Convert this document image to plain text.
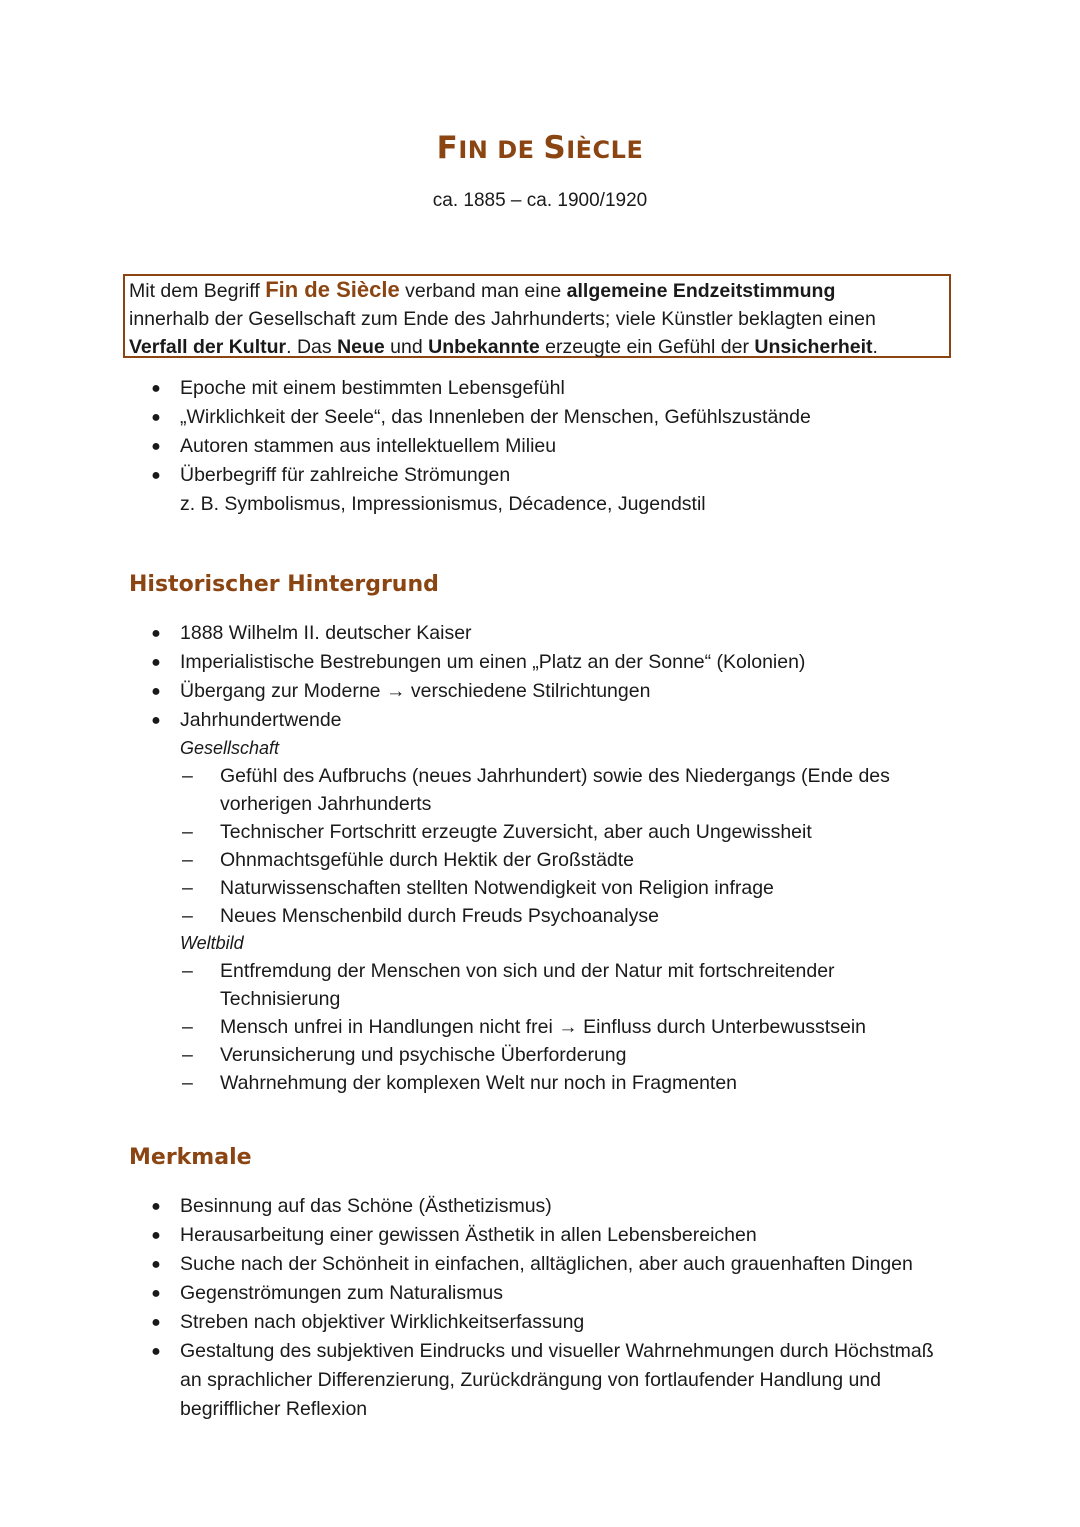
FIN DE SIÈCLE
ca. 1885 – ca. 1900/1920
Mit dem Begriff Fin de Siècle verband man eine allgemeine Endzeitstimmung
innerhalb der Gesellschaft zum Ende des Jahrhunderts; viele Künstler beklagten einen
Verfall der Kultur. Das Neue und Unbekannte erzeugte ein Gefühl der Unsicherheit.
● Epoche mit einem bestimmten Lebensgefühl
● „Wirklichkeit der Seele“, das Innenleben der Menschen, Gefühlszustände
● Autoren stammen aus intellektuellem Milieu
● Überbegriff für zahlreiche Strömungen
z. B. Symbolismus, Impressionismus, Décadence, Jugendstil
Historischer Hintergrund
● 1888 Wilhelm II. deutscher Kaiser
● Imperialistische Bestrebungen um einen „Platz an der Sonne“ (Kolonien)
● Übergang zur Moderne → verschiedene Stilrichtungen
● Jahrhundertwende
Gesellschaft
– Gefühl des Aufbruchs (neues Jahrhundert) sowie des Niedergangs (Ende des vorherigen Jahrhunderts
– Technischer Fortschritt erzeugte Zuversicht, aber auch Ungewissheit
– Ohnmachtsgefühle durch Hektik der Großstädte
– Naturwissenschaften stellten Notwendigkeit von Religion infrage
– Neues Menschenbild durch Freuds Psychoanalyse
Weltbild
– Entfremdung der Menschen von sich und der Natur mit fortschreitender Technisierung
– Mensch unfrei in Handlungen nicht frei → Einfluss durch Unterbewusstsein
– Verunsicherung und psychische Überforderung
– Wahrnehmung der komplexen Welt nur noch in Fragmenten
Merkmale
● Besinnung auf das Schöne (Ästhetizismus)
● Herausarbeitung einer gewissen Ästhetik in allen Lebensbereichen
● Suche nach der Schönheit in einfachen, alltäglichen, aber auch grauenhaften Dingen
● Gegenströmungen zum Naturalismus
● Streben nach objektiver Wirklichkeitserfassung
● Gestaltung des subjektiven Eindrucks und visueller Wahrnehmungen durch Höchstmaß an sprachlicher Differenzierung, Zurückdrängung von fortlaufender Handlung und begrifflicher Reflexion
